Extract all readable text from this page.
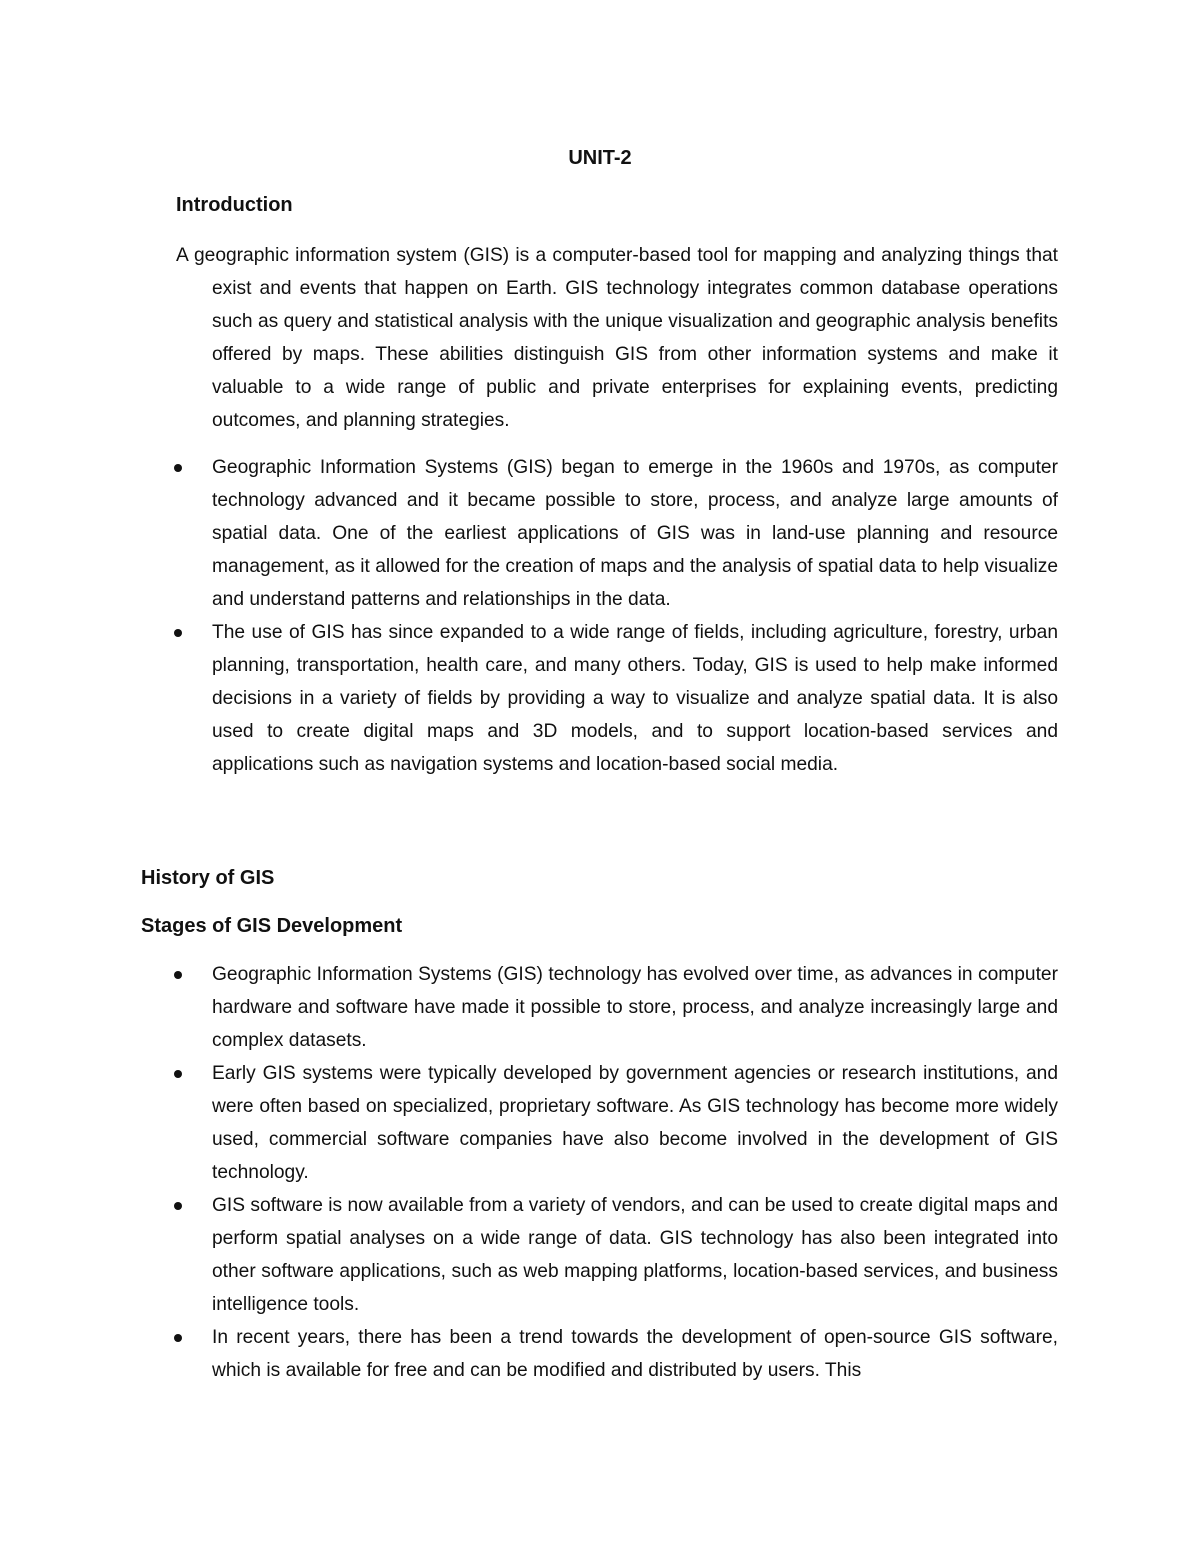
UNIT-2
Introduction

A geographic information system (GIS) is a computer-based tool for mapping and analyzing things that exist and events that happen on Earth. GIS technology integrates common database operations such as query and statistical analysis with the unique visualization and geographic analysis benefits offered by maps. These abilities distinguish GIS from other information systems and make it valuable to a wide range of public and private enterprises for explaining events, predicting outcomes, and planning strategies.

Geographic Information Systems (GIS) began to emerge in the 1960s and 1970s, as computer technology advanced and it became possible to store, process, and analyze large amounts of spatial data. One of the earliest applications of GIS was in land-use planning and resource management, as it allowed for the creation of maps and the analysis of spatial data to help visualize and understand patterns and relationships in the data.
The use of GIS has since expanded to a wide range of fields, including agriculture, forestry, urban planning, transportation, health care, and many others. Today, GIS is used to help make informed decisions in a variety of fields by providing a way to visualize and analyze spatial data. It is also used to create digital maps and 3D models, and to support location-based services and applications such as navigation systems and location-based social media.
History of GIS
Stages of GIS Development
Geographic Information Systems (GIS) technology has evolved over time, as advances in computer hardware and software have made it possible to store, process, and analyze increasingly large and complex datasets.
Early GIS systems were typically developed by government agencies or research institutions, and were often based on specialized, proprietary software. As GIS technology has become more widely used, commercial software companies have also become involved in the development of GIS technology.
GIS software is now available from a variety of vendors, and can be used to create digital maps and perform spatial analyses on a wide range of data. GIS technology has also been integrated into other software applications, such as web mapping platforms, location-based services, and business intelligence tools.
In recent years, there has been a trend towards the development of open-source GIS software, which is available for free and can be modified and distributed by users. This
